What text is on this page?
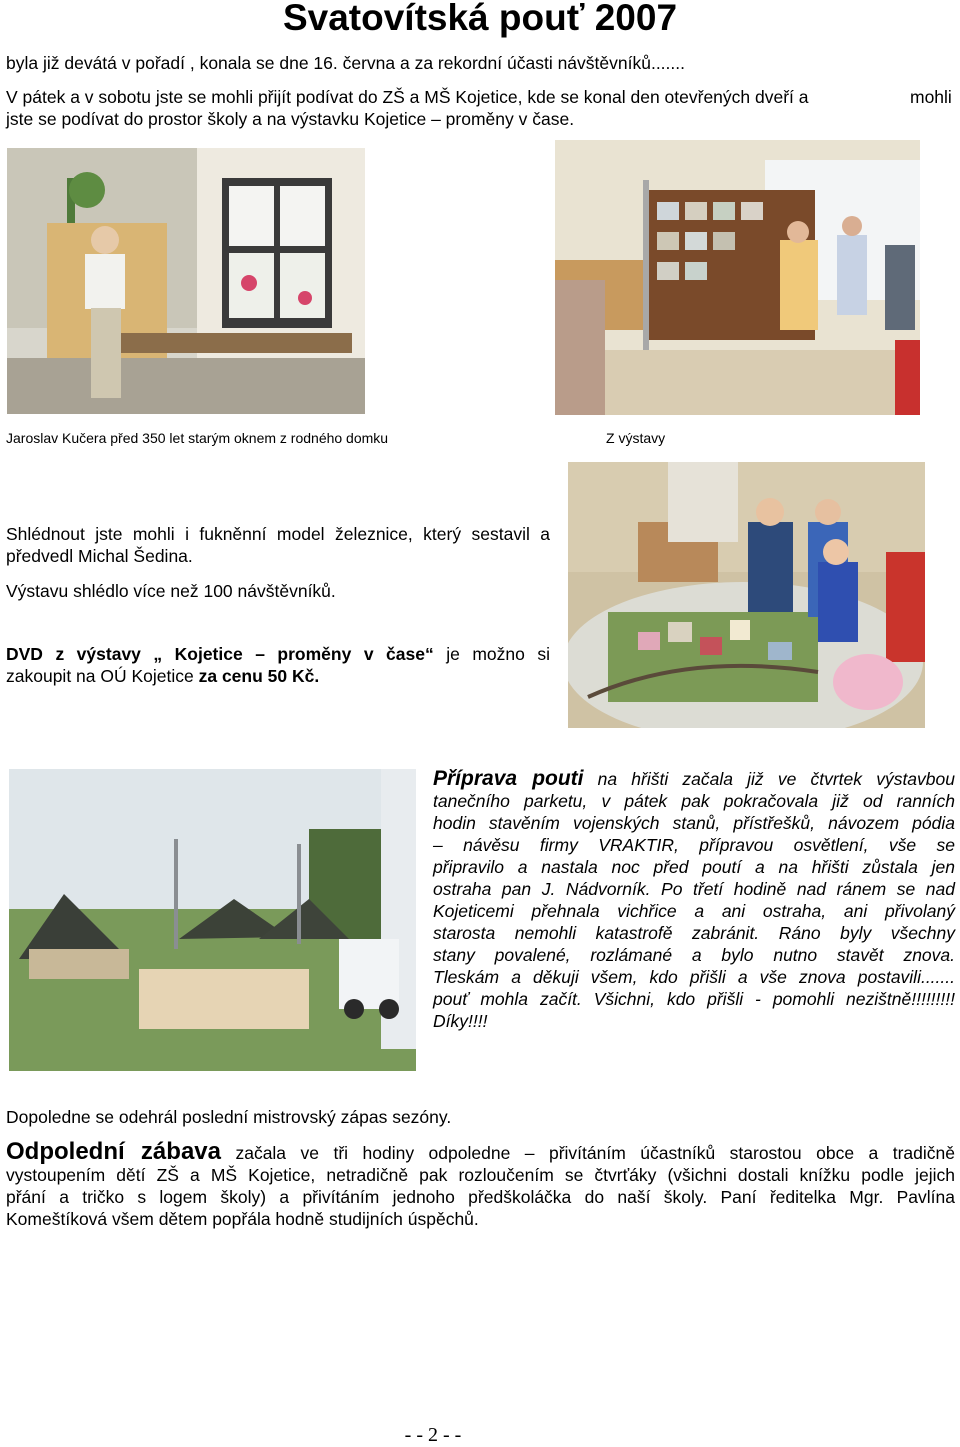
Svatovítská pouť 2007
byla již devátá v pořadí , konala se dne 16. června a za rekordní účasti návštěvníků.......
V pátek a v sobotu jste se mohli přijít podívat do ZŠ a MŠ Kojetice, kde se konal den otevřených dveří a	mohli
jste se podívat do prostor školy a na výstavku Kojetice – proměny v čase.
Jaroslav Kučera před 350 let starým oknem z rodného domku	Z výstavy
Shlédnout jste mohli i fukněnní model železnice, který sestavil a
předvedl Michal Šedina.
Výstavu shlédlo více než 100 návštěvníků.
DVD z výstavy „ Kojetice – proměny v čase“ je možno si
zakoupit na OÚ Kojetice za cenu 50 Kč.
Příprava pouti na hřišti začala již ve čtvrtek výstavbou
tanečního parketu, v pátek pak pokračovala již od ranních
hodin stavěním vojenských stanů, přístřešků, návozem pódia
– návěsu firmy VRAKTIR, přípravou osvětlení, vše se
připravilo a nastala noc před poutí a na hřišti zůstala jen
ostraha pan J. Nádvorník. Po třetí hodině nad ránem se nad
Kojeticemi přehnala vichřice a ani ostraha, ani přivolaný
starosta nemohli katastrofě zabránit. Ráno byly všechny
stany povalené, rozlámané a bylo nutno stavět znova.
Tleskám a děkuji všem, kdo přišli a vše znova postavili.......
pouť mohla začít. Všichni, kdo přišli - pomohli nezištně!!!!!!!!!
Díky!!!!
Dopoledne se odehrál poslední mistrovský zápas sezóny.
Odpolední zábava začala ve tři hodiny odpoledne – přivítáním účastníků starostou obce a tradičně
vystoupením dětí ZŠ a MŠ Kojetice, netradičně pak rozloučením se čtvrťáky (všichni dostali knížku podle jejich
přání a tričko s logem školy) a přivítáním jednoho předškoláčka do naší školy. Paní ředitelka Mgr. Pavlína
Komeštíková všem dětem popřála hodně studijních úspěchů.
- - 2 - -
